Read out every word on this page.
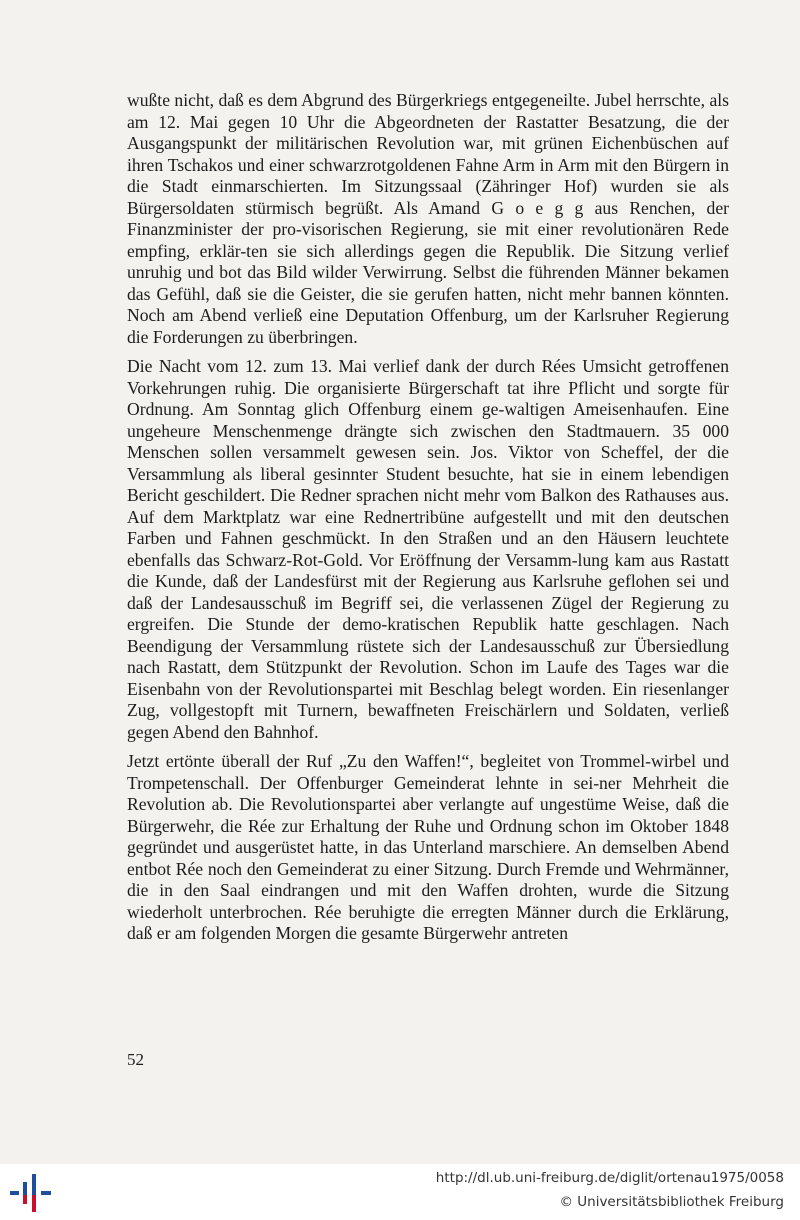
wußte nicht, daß es dem Abgrund des Bürgerkriegs entgegeneilte. Jubel herrschte, als am 12. Mai gegen 10 Uhr die Abgeordneten der Rastatter Besatzung, die der Ausgangspunkt der militärischen Revolution war, mit grünen Eichenbüschen auf ihren Tschakos und einer schwarzrotgoldenen Fahne Arm in Arm mit den Bürgern in die Stadt einmarschierten. Im Sitzungssaal (Zähringer Hof) wurden sie als Bürgersoldaten stürmisch begrüßt. Als Amand G o e g g aus Renchen, der Finanzminister der pro-visorischen Regierung, sie mit einer revolutionären Rede empfing, erklär-ten sie sich allerdings gegen die Republik. Die Sitzung verlief unruhig und bot das Bild wilder Verwirrung. Selbst die führenden Männer bekamen das Gefühl, daß sie die Geister, die sie gerufen hatten, nicht mehr bannen könnten. Noch am Abend verließ eine Deputation Offenburg, um der Karlsruher Regierung die Forderungen zu überbringen.

Die Nacht vom 12. zum 13. Mai verlief dank der durch Rées Umsicht getroffenen Vorkehrungen ruhig. Die organisierte Bürgerschaft tat ihre Pflicht und sorgte für Ordnung. Am Sonntag glich Offenburg einem ge-waltigen Ameisenhaufen. Eine ungeheure Menschenmenge drängte sich zwischen den Stadtmauern. 35 000 Menschen sollen versammelt gewesen sein. Jos. Viktor von Scheffel, der die Versammlung als liberal gesinnter Student besuchte, hat sie in einem lebendigen Bericht geschildert. Die Redner sprachen nicht mehr vom Balkon des Rathauses aus. Auf dem Marktplatz war eine Rednertribüne aufgestellt und mit den deutschen Farben und Fahnen geschmückt. In den Straßen und an den Häusern leuchtete ebenfalls das Schwarz-Rot-Gold. Vor Eröffnung der Versamm-lung kam aus Rastatt die Kunde, daß der Landesfürst mit der Regierung aus Karlsruhe geflohen sei und daß der Landesausschuß im Begriff sei, die verlassenen Zügel der Regierung zu ergreifen. Die Stunde der demo-kratischen Republik hatte geschlagen. Nach Beendigung der Versammlung rüstete sich der Landesausschuß zur Übersiedlung nach Rastatt, dem Stützpunkt der Revolution. Schon im Laufe des Tages war die Eisenbahn von der Revolutionspartei mit Beschlag belegt worden. Ein riesenlanger Zug, vollgestopft mit Turnern, bewaffneten Freischärlern und Soldaten, verließ gegen Abend den Bahnhof.

Jetzt ertönte überall der Ruf „Zu den Waffen!“, begleitet von Trommel-wirbel und Trompetenschall. Der Offenburger Gemeinderat lehnte in sei-ner Mehrheit die Revolution ab. Die Revolutionspartei aber verlangte auf ungestüme Weise, daß die Bürgerwehr, die Rée zur Erhaltung der Ruhe und Ordnung schon im Oktober 1848 gegründet und ausgerüstet hatte, in das Unterland marschiere. An demselben Abend entbot Rée noch den Gemeinderat zu einer Sitzung. Durch Fremde und Wehrmänner, die in den Saal eindrangen und mit den Waffen drohten, wurde die Sitzung wiederholt unterbrochen. Rée beruhigte die erregten Männer durch die Erklärung, daß er am folgenden Morgen die gesamte Bürgerwehr antreten

52
http://dl.ub.uni-freiburg.de/diglit/ortenau1975/0058
© Universitätsbibliothek Freiburg
